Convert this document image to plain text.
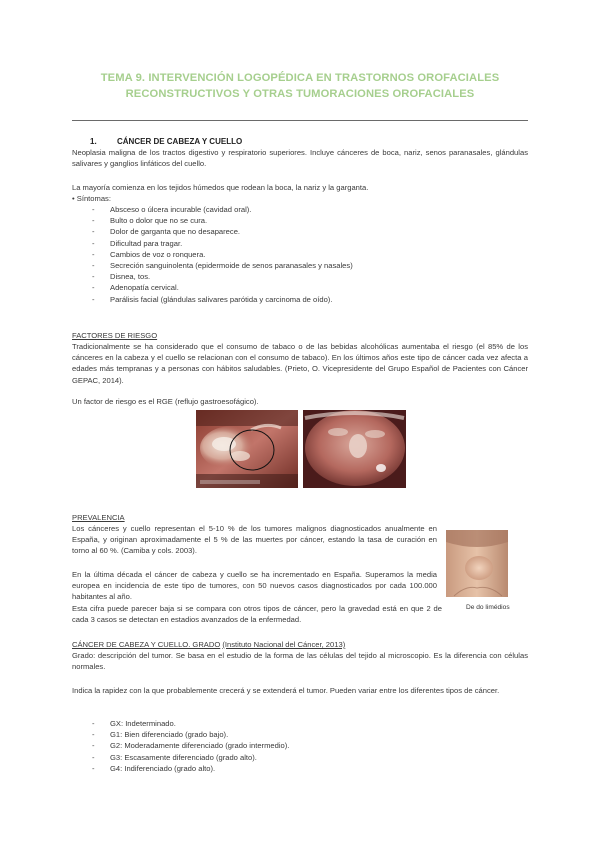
TEMA 9. INTERVENCIÓN LOGOPÉDICA EN TRASTORNOS OROFACIALES
RECONSTRUCTIVOS Y OTRAS TUMORACIONES OROFACIALES
1.	CÁNCER DE CABEZA Y CUELLO
Neoplasia maligna de los tractos digestivo y respiratorio superiores. Incluye cánceres de boca, nariz, senos paranasales, glándulas salivares y ganglios linfáticos del cuello.
La mayoría comienza en los tejidos húmedos que rodean la boca, la nariz y la garganta.
• Síntomas:
- Absceso o úlcera incurable (cavidad oral).
- Bulto o dolor que no se cura.
- Dolor de garganta que no desaparece.
- Dificultad para tragar.
- Cambios de voz o ronquera.
- Secreción sanguinolenta (epidermoide de senos paranasales y nasales)
- Disnea, tos.
- Adenopatía cervical.
- Parálisis facial (glándulas salivares parótida y carcinoma de oído).
FACTORES DE RIESGO
Tradicionalmente se ha considerado que el consumo de tabaco o de las bebidas alcohólicas aumentaba el riesgo (el 85% de los cánceres en la cabeza y el cuello se relacionan con el consumo de tabaco). En los últimos años este tipo de cáncer cada vez afecta a edades más tempranas y a personas con hábitos saludables. (Prieto, O. Vicepresidente del Grupo Español de Pacientes con Cáncer GEPAC, 2014).
Un factor de riesgo es el RGE (reflujo gastroesofágico).
PREVALENCIA
Los cánceres y cuello representan el 5-10 % de los tumores malignos diagnosticados anualmente en España, y originan aproximadamente el 5 % de las muertes por cáncer, estando la tasa de curación en torno al 60 %. (Camiba y cols. 2003).
En la última década el cáncer de cabeza y cuello se ha incrementado en España. Superamos la media europea en incidencia de este tipo de tumores, con 50 nuevos casos diagnosticados por cada 100.000 habitantes al año.
Esta cifra puede parecer baja si se compara con otros tipos de cáncer, pero la gravedad está en que 2 de cada 3 casos se detectan en estadios avanzados de la enfermedad.
De do limédios
CÁNCER DE CABEZA Y CUELLO. GRADO (Instituto Nacional del Cáncer, 2013)
Grado: descripción del tumor. Se basa en el estudio de la forma de las células del tejido al microscopio. Es la diferencia con células normales.
Indica la rapidez con la que probablemente crecerá y se extenderá el tumor. Pueden variar entre los diferentes tipos de cáncer.
- GX: Indeterminado.
- G1: Bien diferenciado (grado bajo).
- G2: Moderadamente diferenciado (grado intermedio).
- G3: Escasamente diferenciado (grado alto).
- G4: Indiferenciado (grado alto).
